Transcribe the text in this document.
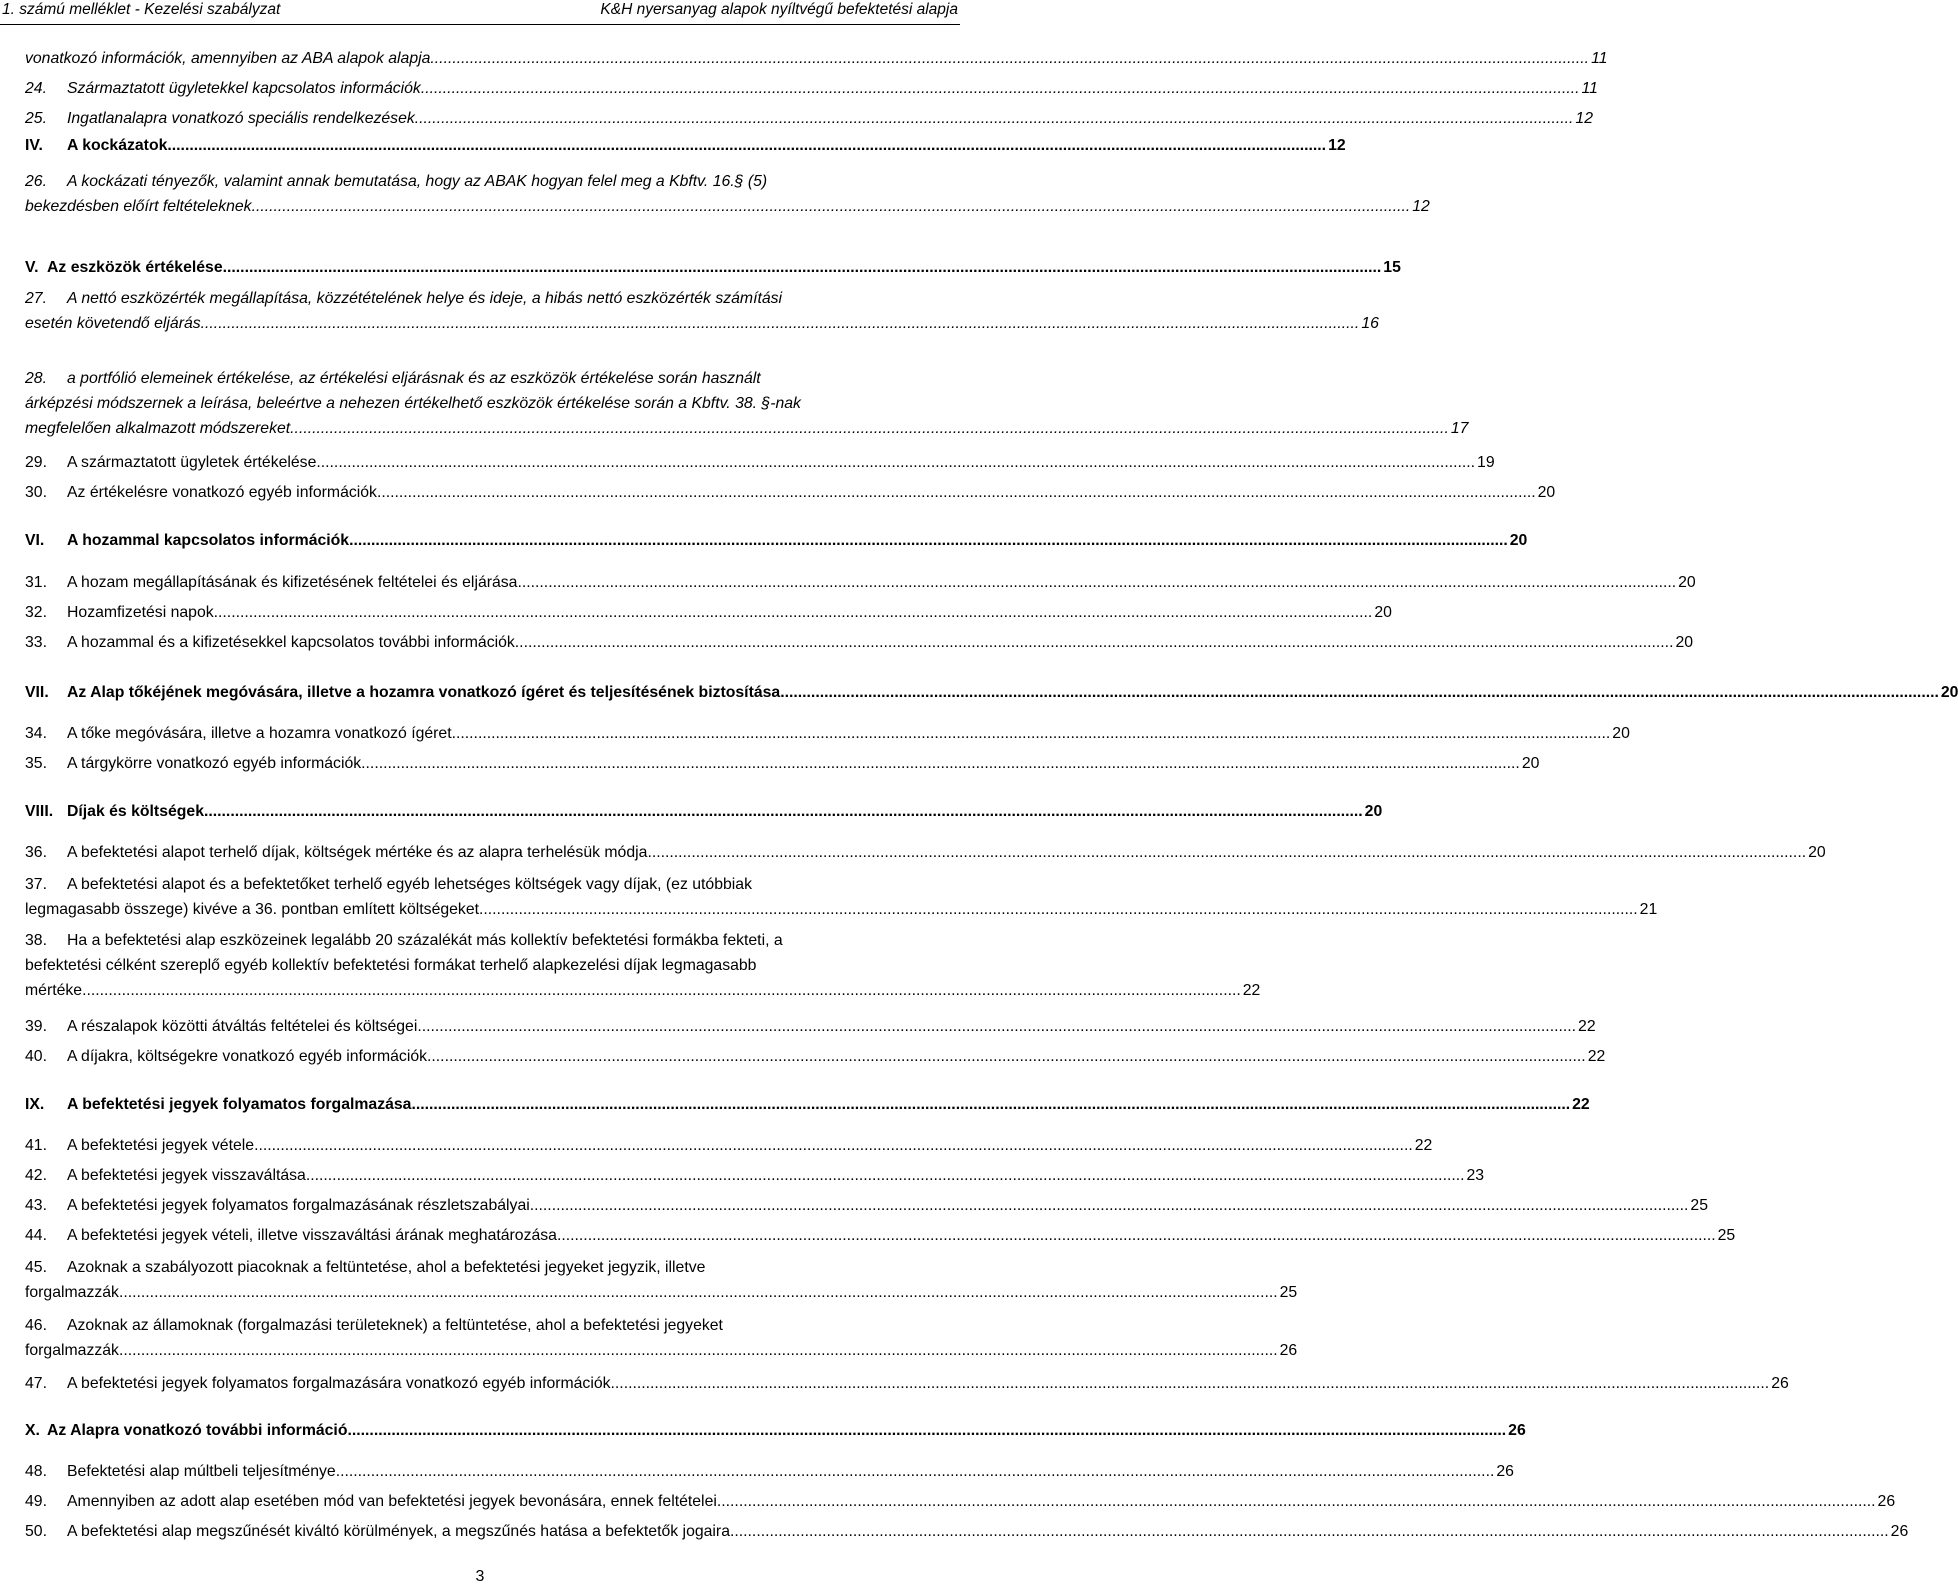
1. számú melléklet - Kezelési szabályzat	K&H nyersanyag alapok nyíltvégű befektetési alapja
vonatkozó információk, amennyiben az ABA alapok alapja .....	11
24.	Származtatott ügyletekkel kapcsolatos információk .....	11
25.	Ingatlanalapra vonatkozó speciális rendelkezések .....	12
IV.	A kockázatok .....	12
26.	A kockázati tényezők, valamint annak bemutatása, hogy az ABAK hogyan felel meg a Kbftv. 16.§ (5)
bekezdésben előírt feltételeknek .....	12
V. Az eszközök értékelése .....	15
27.	A nettó eszközérték megállapítása, közzétételének helye és ideje, a hibás nettó eszközérték számítási
esetén követendő eljárás .....	16
28.	a portfólió elemeinek értékelése, az értékelési eljárásnak és az eszközök értékelése során használt
árképzési módszernek a leírása, beleértve a nehezen értékelhető eszközök értékelése során a Kbftv. 38. §-nak
megfelelően alkalmazott módszereket .....	17
29.	A származtatott ügyletek értékelése .....	19
30.	Az értékelésre vonatkozó egyéb információk .....	20
VI.	A hozammal kapcsolatos információk .....	20
31.	A hozam megállapításának és kifizetésének feltételei és eljárása .....	20
32.	Hozamfizetési napok .....	20
33.	A hozammal és a kifizetésekkel kapcsolatos további információk .....	20
VII.	Az Alap tőkéjének megóvására, illetve a hozamra vonatkozó ígéret és teljesítésének biztosítása .....	20
34.	A tőke megóvására, illetve a hozamra vonatkozó ígéret .....	20
35.	A tárgykörre vonatkozó egyéb információk .....	20
VIII. Díjak és költségek .....	20
36.	A befektetési alapot terhelő díjak, költségek mértéke és az alapra terhelésük módja .....	20
37.	A befektetési alapot és a befektetőket terhelő egyéb lehetséges költségek vagy díjak, (ez utóbbiak
legmagasabb összege) kivéve a 36. pontban említett költségeket .....	21
38.	Ha a befektetési alap eszközeinek legalább 20 százalékát más kollektív befektetési formákba fekteti, a
befektetési célként szereplő egyéb kollektív befektetési formákat terhelő alapkezelési díjak legmagasabb
mértéke .....	22
39.	A részalapok közötti átváltás feltételei és költségei .....	22
40.	A díjakra, költségekre vonatkozó egyéb információk .....	22
IX.	A befektetési jegyek folyamatos forgalmazása .....	22
41.	A befektetési jegyek vétele .....	22
42.	A befektetési jegyek visszaváltása .....	23
43.	A befektetési jegyek folyamatos forgalmazásának részletszabályai .....	25
44.	A befektetési jegyek vételi, illetve visszaváltási árának meghatározása .....	25
45.	Azoknak a szabályozott piacoknak a feltüntetése, ahol a befektetési jegyeket jegyzik, illetve
forgalmazzák .....	25
46.	Azoknak az államoknak (forgalmazási területeknek) a feltüntetése, ahol a befektetési jegyeket
forgalmazzák .....	26
47.	A befektetési jegyek folyamatos forgalmazására vonatkozó egyéb információk .....	26
X. Az Alapra vonatkozó további információ .....	26
48.	Befektetési alap múltbeli teljesítménye .....	26
49.	Amennyiben az adott alap esetében mód van befektetési jegyek bevonására, ennek feltételei .....	26
50.	A befektetési alap megszűnését kiváltó körülmények, a megszűnés hatása a befektetők jogaira .....	26
3
